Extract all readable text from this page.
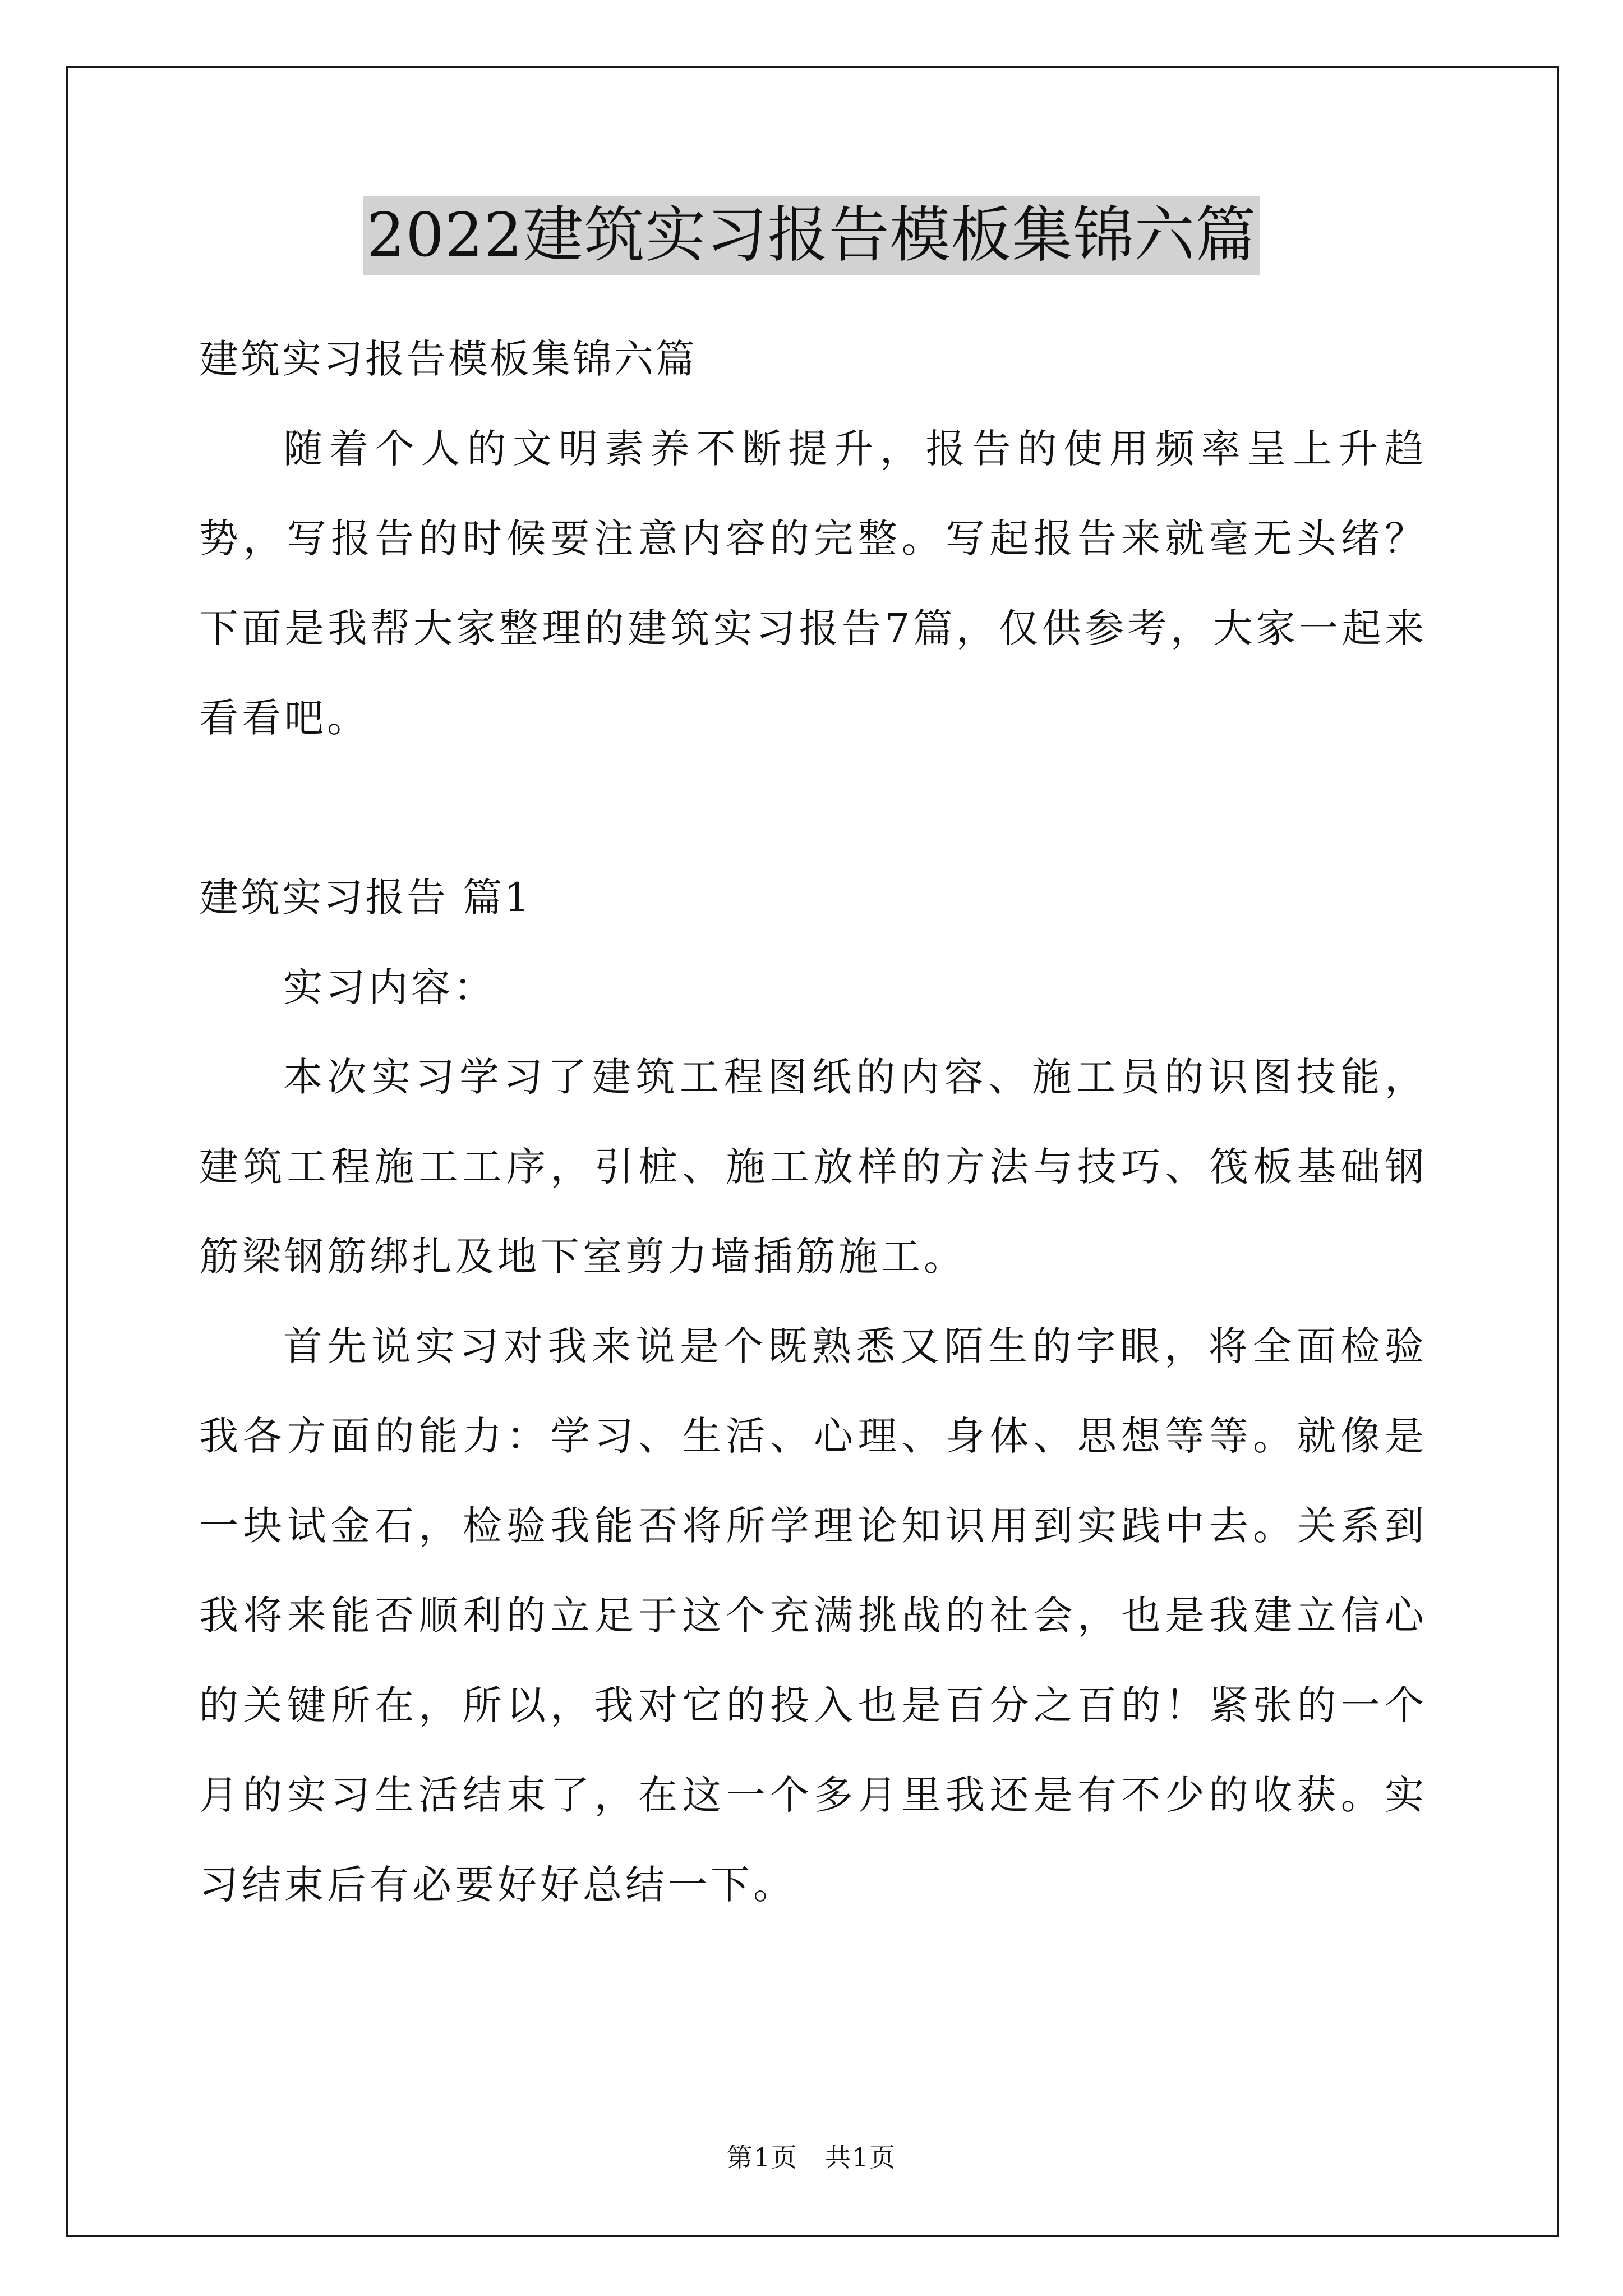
2022建筑实习报告模板集锦六篇

建筑实习报告模板集锦六篇

随着个人的文明素养不断提升，报告的使用频率呈上升趋势，写报告的时候要注意内容的完整。写起报告来就毫无头绪？下面是我帮大家整理的建筑实习报告7篇，仅供参考，大家一起来看看吧。

建筑实习报告 篇1

实习内容：

本次实习学习了建筑工程图纸的内容、施工员的识图技能，建筑工程施工工序，引桩、施工放样的方法与技巧、筏板基础钢筋梁钢筋绑扎及地下室剪力墙插筋施工。

首先说实习对我来说是个既熟悉又陌生的字眼，将全面检验我各方面的能力：学习、生活、心理、身体、思想等等。就像是一块试金石，检验我能否将所学理论知识用到实践中去。关系到我将来能否顺利的立足于这个充满挑战的社会，也是我建立信心的关键所在，所以，我对它的投入也是百分之百的！紧张的一个月的实习生活结束了，在这一个多月里我还是有不少的收获。实习结束后有必要好好总结一下。

第1页　共1页
